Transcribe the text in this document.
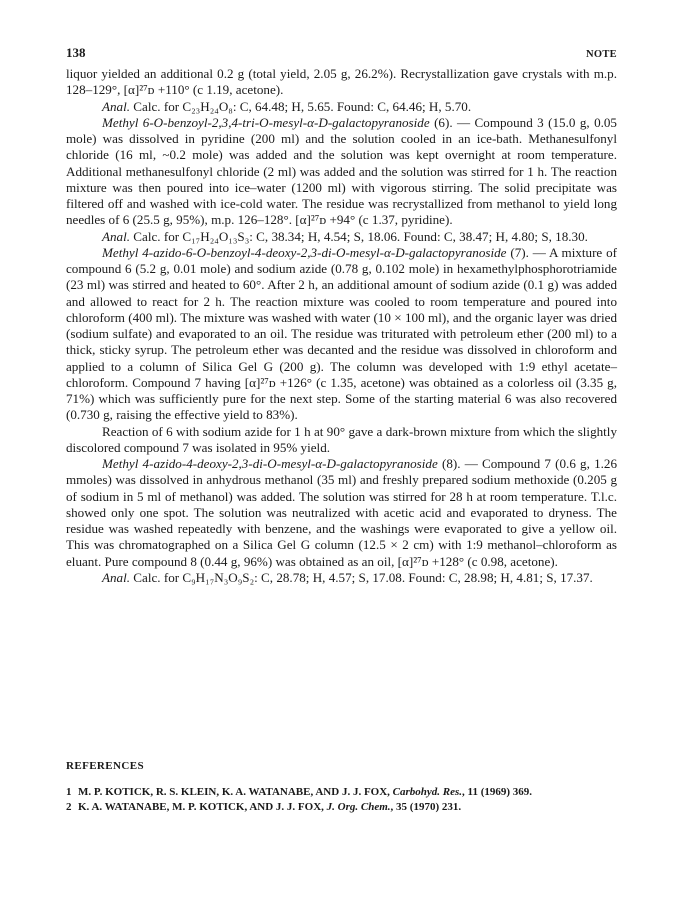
138	NOTE

liquor yielded an additional 0.2 g (total yield, 2.05 g, 26.2%). Recrystallization gave crystals with m.p. 128–129°, [α]²⁷ᴅ +110° (c 1.19, acetone).

Anal. Calc. for C₂₃H₂₄O₈: C, 64.48; H, 5.65. Found: C, 64.46; H, 5.70.

Methyl 6-O-benzoyl-2,3,4-tri-O-mesyl-α-D-galactopyranoside (6). — Compound 3 (15.0 g, 0.05 mole) was dissolved in pyridine (200 ml) and the solution cooled in an ice-bath. Methanesulfonyl chloride (16 ml, ~0.2 mole) was added and the solution was kept overnight at room temperature. Additional methanesulfonyl chloride (2 ml) was added and the solution was stirred for 1 h. The reaction mixture was then poured into ice–water (1200 ml) with vigorous stirring. The solid precipitate was filtered off and washed with ice-cold water. The residue was recrystallized from methanol to yield long needles of 6 (25.5 g, 95%), m.p. 126–128°. [α]²⁷ᴅ +94° (c 1.37, pyridine).

Anal. Calc. for C₁₇H₂₄O₁₃S₃: C, 38.34; H, 4.54; S, 18.06. Found: C, 38.47; H, 4.80; S, 18.30.

Methyl 4-azido-6-O-benzoyl-4-deoxy-2,3-di-O-mesyl-α-D-galactopyranoside (7). — A mixture of compound 6 (5.2 g, 0.01 mole) and sodium azide (0.78 g, 0.102 mole) in hexamethylphosphorotriamide (23 ml) was stirred and heated to 60°. After 2 h, an additional amount of sodium azide (0.1 g) was added and allowed to react for 2 h. The reaction mixture was cooled to room temperature and poured into chloroform (400 ml). The mixture was washed with water (10 × 100 ml), and the organic layer was dried (sodium sulfate) and evaporated to an oil. The residue was triturated with petroleum ether (200 ml) to a thick, sticky syrup. The petroleum ether was decanted and the residue was dissolved in chloroform and applied to a column of Silica Gel G (200 g). The column was developed with 1:9 ethyl acetate–chloroform. Compound 7 having [α]²⁷ᴅ +126° (c 1.35, acetone) was obtained as a colorless oil (3.35 g, 71%) which was sufficiently pure for the next step. Some of the starting material 6 was also recovered (0.730 g, raising the effective yield to 83%).

Reaction of 6 with sodium azide for 1 h at 90° gave a dark-brown mixture from which the slightly discolored compound 7 was isolated in 95% yield.

Methyl 4-azido-4-deoxy-2,3-di-O-mesyl-α-D-galactopyranoside (8). — Compound 7 (0.6 g, 1.26 mmoles) was dissolved in anhydrous methanol (35 ml) and freshly prepared sodium methoxide (0.205 g of sodium in 5 ml of methanol) was added. The solution was stirred for 28 h at room temperature. T.l.c. showed only one spot. The solution was neutralized with acetic acid and evaporated to dryness. The residue was washed repeatedly with benzene, and the washings were evaporated to give a yellow oil. This was chromatographed on a Silica Gel G column (12.5 × 2 cm) with 1:9 methanol–chloroform as eluant. Pure compound 8 (0.44 g, 96%) was obtained as an oil, [α]²⁷ᴅ +128° (c 0.98, acetone).

Anal. Calc. for C₉H₁₇N₃O₉S₂: C, 28.78; H, 4.57; S, 17.08. Found: C, 28.98; H, 4.81; S, 17.37.

REFERENCES
1 M. P. KOTICK, R. S. KLEIN, K. A. WATANABE, AND J. J. FOX, Carbohyd. Res., 11 (1969) 369.
2 K. A. WATANABE, M. P. KOTICK, AND J. J. FOX, J. Org. Chem., 35 (1970) 231.
